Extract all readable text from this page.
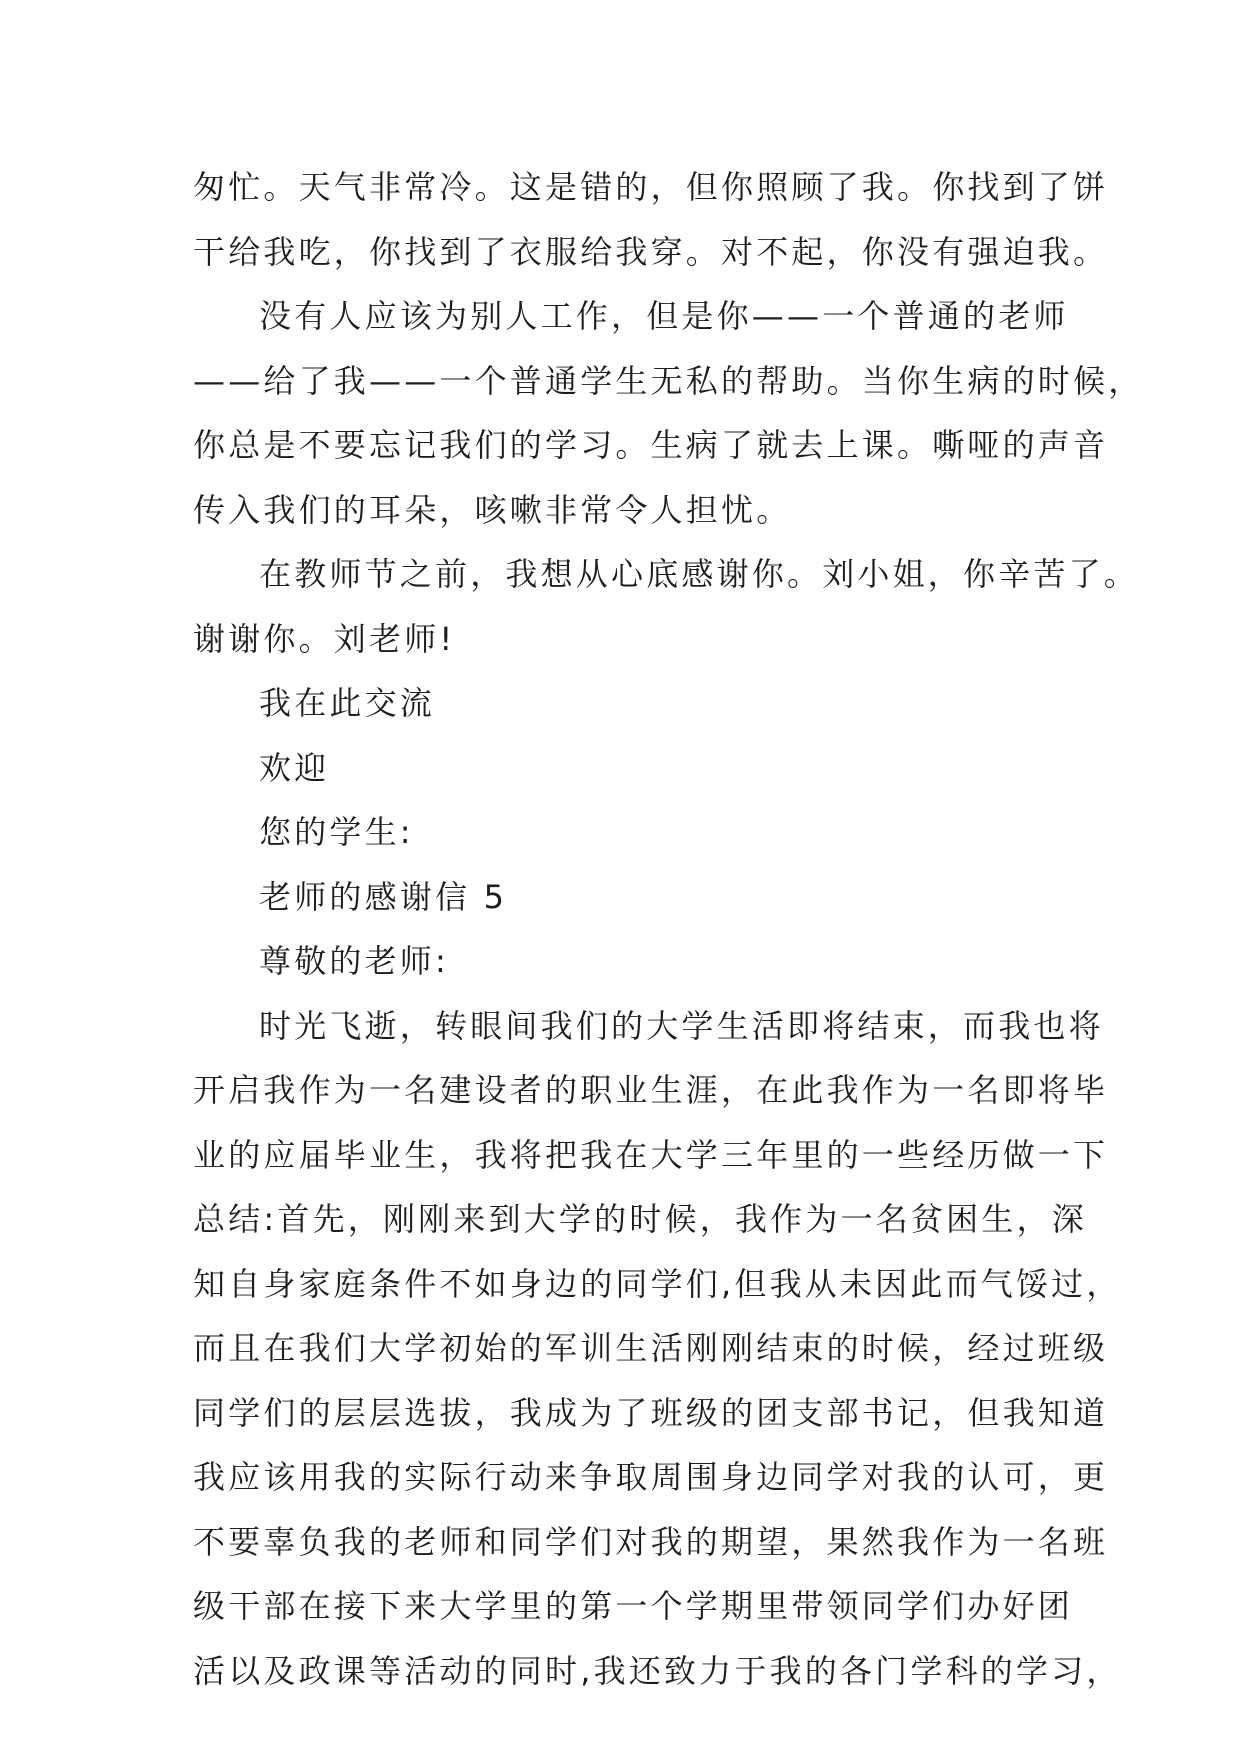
匆忙。天气非常冷。这是错的，但你照顾了我。你找到了饼
干给我吃，你找到了衣服给我穿。对不起，你没有强迫我。
没有人应该为别人工作，但是你——一个普通的老师
——给了我——一个普通学生无私的帮助。当你生病的时候，
你总是不要忘记我们的学习。生病了就去上课。嘶哑的声音
传入我们的耳朵，咳嗽非常令人担忧。
在教师节之前，我想从心底感谢你。刘小姐，你辛苦了。
谢谢你。刘老师!
我在此交流
欢迎
您的学生:
老师的感谢信 5
尊敬的老师:
时光飞逝，转眼间我们的大学生活即将结束，而我也将
开启我作为一名建设者的职业生涯，在此我作为一名即将毕
业的应届毕业生，我将把我在大学三年里的一些经历做一下
总结:首先，刚刚来到大学的时候，我作为一名贫困生，深
知自身家庭条件不如身边的同学们,但我从未因此而气馁过，
而且在我们大学初始的军训生活刚刚结束的时候，经过班级
同学们的层层选拔，我成为了班级的团支部书记，但我知道
我应该用我的实际行动来争取周围身边同学对我的认可，更
不要辜负我的老师和同学们对我的期望，果然我作为一名班
级干部在接下来大学里的第一个学期里带领同学们办好团
活以及政课等活动的同时,我还致力于我的各门学科的学习，
